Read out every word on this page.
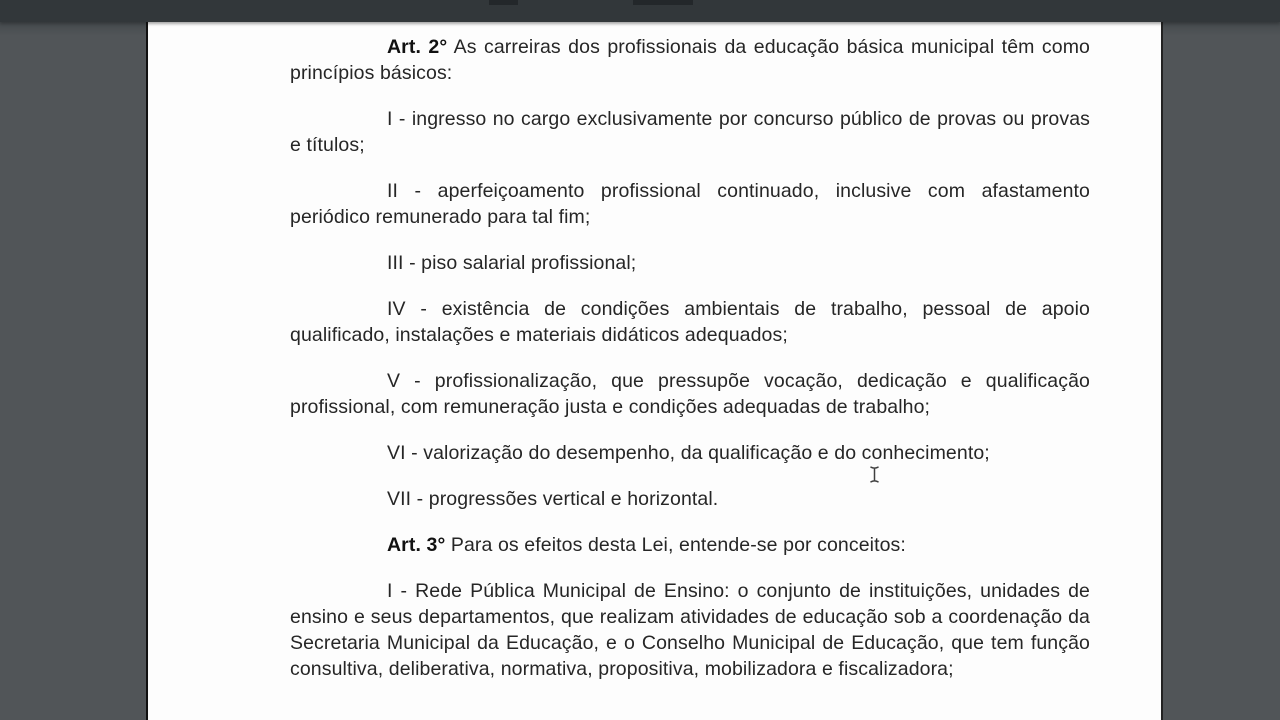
Art. 2° As carreiras dos profissionais da educação básica municipal têm como princípios básicos:

I - ingresso no cargo exclusivamente por concurso público de provas ou provas e títulos;

II - aperfeiçoamento profissional continuado, inclusive com afastamento periódico remunerado para tal fim;

III - piso salarial profissional;

IV - existência de condições ambientais de trabalho, pessoal de apoio qualificado, instalações e materiais didáticos adequados;

V - profissionalização, que pressupõe vocação, dedicação e qualificação profissional, com remuneração justa e condições adequadas de trabalho;

VI - valorização do desempenho, da qualificação e do conhecimento;

VII - progressões vertical e horizontal.

Art. 3° Para os efeitos desta Lei, entende-se por conceitos:

I - Rede Pública Municipal de Ensino: o conjunto de instituições, unidades de ensino e seus departamentos, que realizam atividades de educação sob a coordenação da Secretaria Municipal da Educação, e o Conselho Municipal de Educação, que tem função consultiva, deliberativa, normativa, propositiva, mobilizadora e fiscalizadora;
